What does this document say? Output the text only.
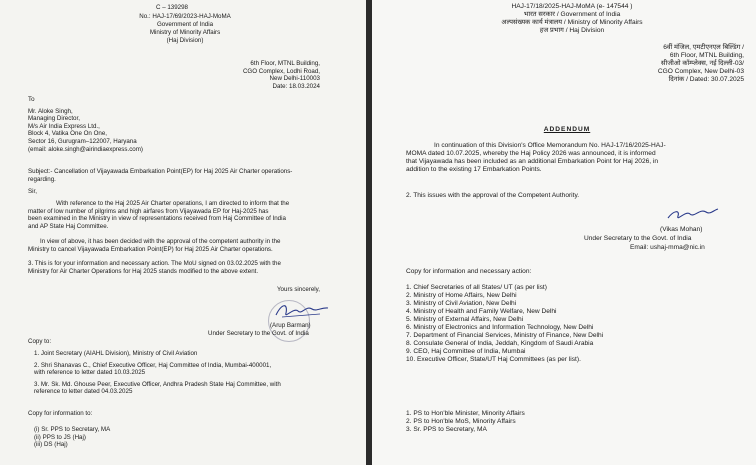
C – 139298
No.: HAJ-17/69/2023-HAJ-MoMA
Government of India
Ministry of Minority Affairs
(Haj Division)
6th Floor, MTNL Building,
CGO Complex, Lodhi Road,
New Delhi-110003
Date: 18.03.2024
To
Mr. Aloke Singh,
Managing Director,
M/s Air India Express Ltd.,
Block 4, Vatika One On One,
Sector 16, Gurugram–122007, Haryana
(email: aloke.singh@airindiaexpress.com)
Subject:- Cancellation of Vijayawada Embarkation Point(EP) for Haj 2025 Air Charter operations-
regarding.
Sir,
With reference to the Haj 2025 Air Charter operations, I am directed to inform that the
matter of low number of pilgrims and high airfares from Vijayawada EP for Haj-2025 has
been examined in the Ministry in view of representations received from Haj Committee of India
and AP State Haj Committee.
In view of above, it has been decided with the approval of the competent authority in the
Ministry to cancel Vijayawada Embarkation Point(EP) for Haj 2025 Air Charter operations.
3. This is for your information and necessary action. The MoU signed on 03.02.2025 with the
Ministry for Air Charter Operations for Haj 2025 stands modified to the above extent.
Yours sincerely,
(Arup Barman)
Under Secretary to the Govt. of India
Copy to:
1. Joint Secretary (AIAHL Division), Ministry of Civil Aviation
2. Shri Shanavas C., Chief Executive Officer, Haj Committee of India, Mumbai-400001,
with reference to letter dated 10.03.2025
3. Mr. Sk. Md. Ghouse Peer, Executive Officer, Andhra Pradesh State Haj Committee, with
reference to letter dated 04.03.2025
Copy for information to:
(i) Sr. PPS to Secretary, MA
(ii) PPS to JS (Haj)
(iii) DS (Haj)
HAJ-17/18/2025-HAJ-MoMA (e- 147544 )
भारत सरकार / Government of India
अल्पसंख्यक कार्य मंत्रालय / Ministry of Minority Affairs
हज प्रभाग / Haj Division
6वीं मंजिल, एमटीएनएल बिल्डिंग /
6th Floor, MTNL Building,
सीजीओ कॉम्प्लेक्स, नई दिल्ली-03/
CGO Complex, New Delhi-03
दिनांक / Dated: 30.07.2025
ADDENDUM
In continuation of this Division's Office Memorandum No. HAJ-17/16/2025-HAJ-
MOMA dated 10.07.2025, whereby the Haj Policy 2026 was announced, it is informed
that Vijayawada has been included as an additional Embarkation Point for Haj 2026, in
addition to the existing 17 Embarkation Points.
2. This issues with the approval of the Competent Authority.
(Vikas Mohan)
Under Secretary to the Govt. of India
Email: ushaj-mma@nic.in
Copy for information and necessary action:
1. Chief Secretaries of all States/ UT (as per list)
2. Ministry of Home Affairs, New Delhi
3. Ministry of Civil Aviation, New Delhi
4. Ministry of Health and Family Welfare, New Delhi
5. Ministry of External Affairs, New Delhi
6. Ministry of Electronics and Information Technology, New Delhi
7. Department of Financial Services, Ministry of Finance, New Delhi
8. Consulate General of India, Jeddah, Kingdom of Saudi Arabia
9. CEO, Haj Committee of India, Mumbai
10. Executive Officer, State/UT Haj Committees (as per list).
1. PS to Hon'ble Minister, Minority Affairs
2. PS to Hon'ble MoS, Minority Affairs
3. Sr. PPS to Secretary, MA
